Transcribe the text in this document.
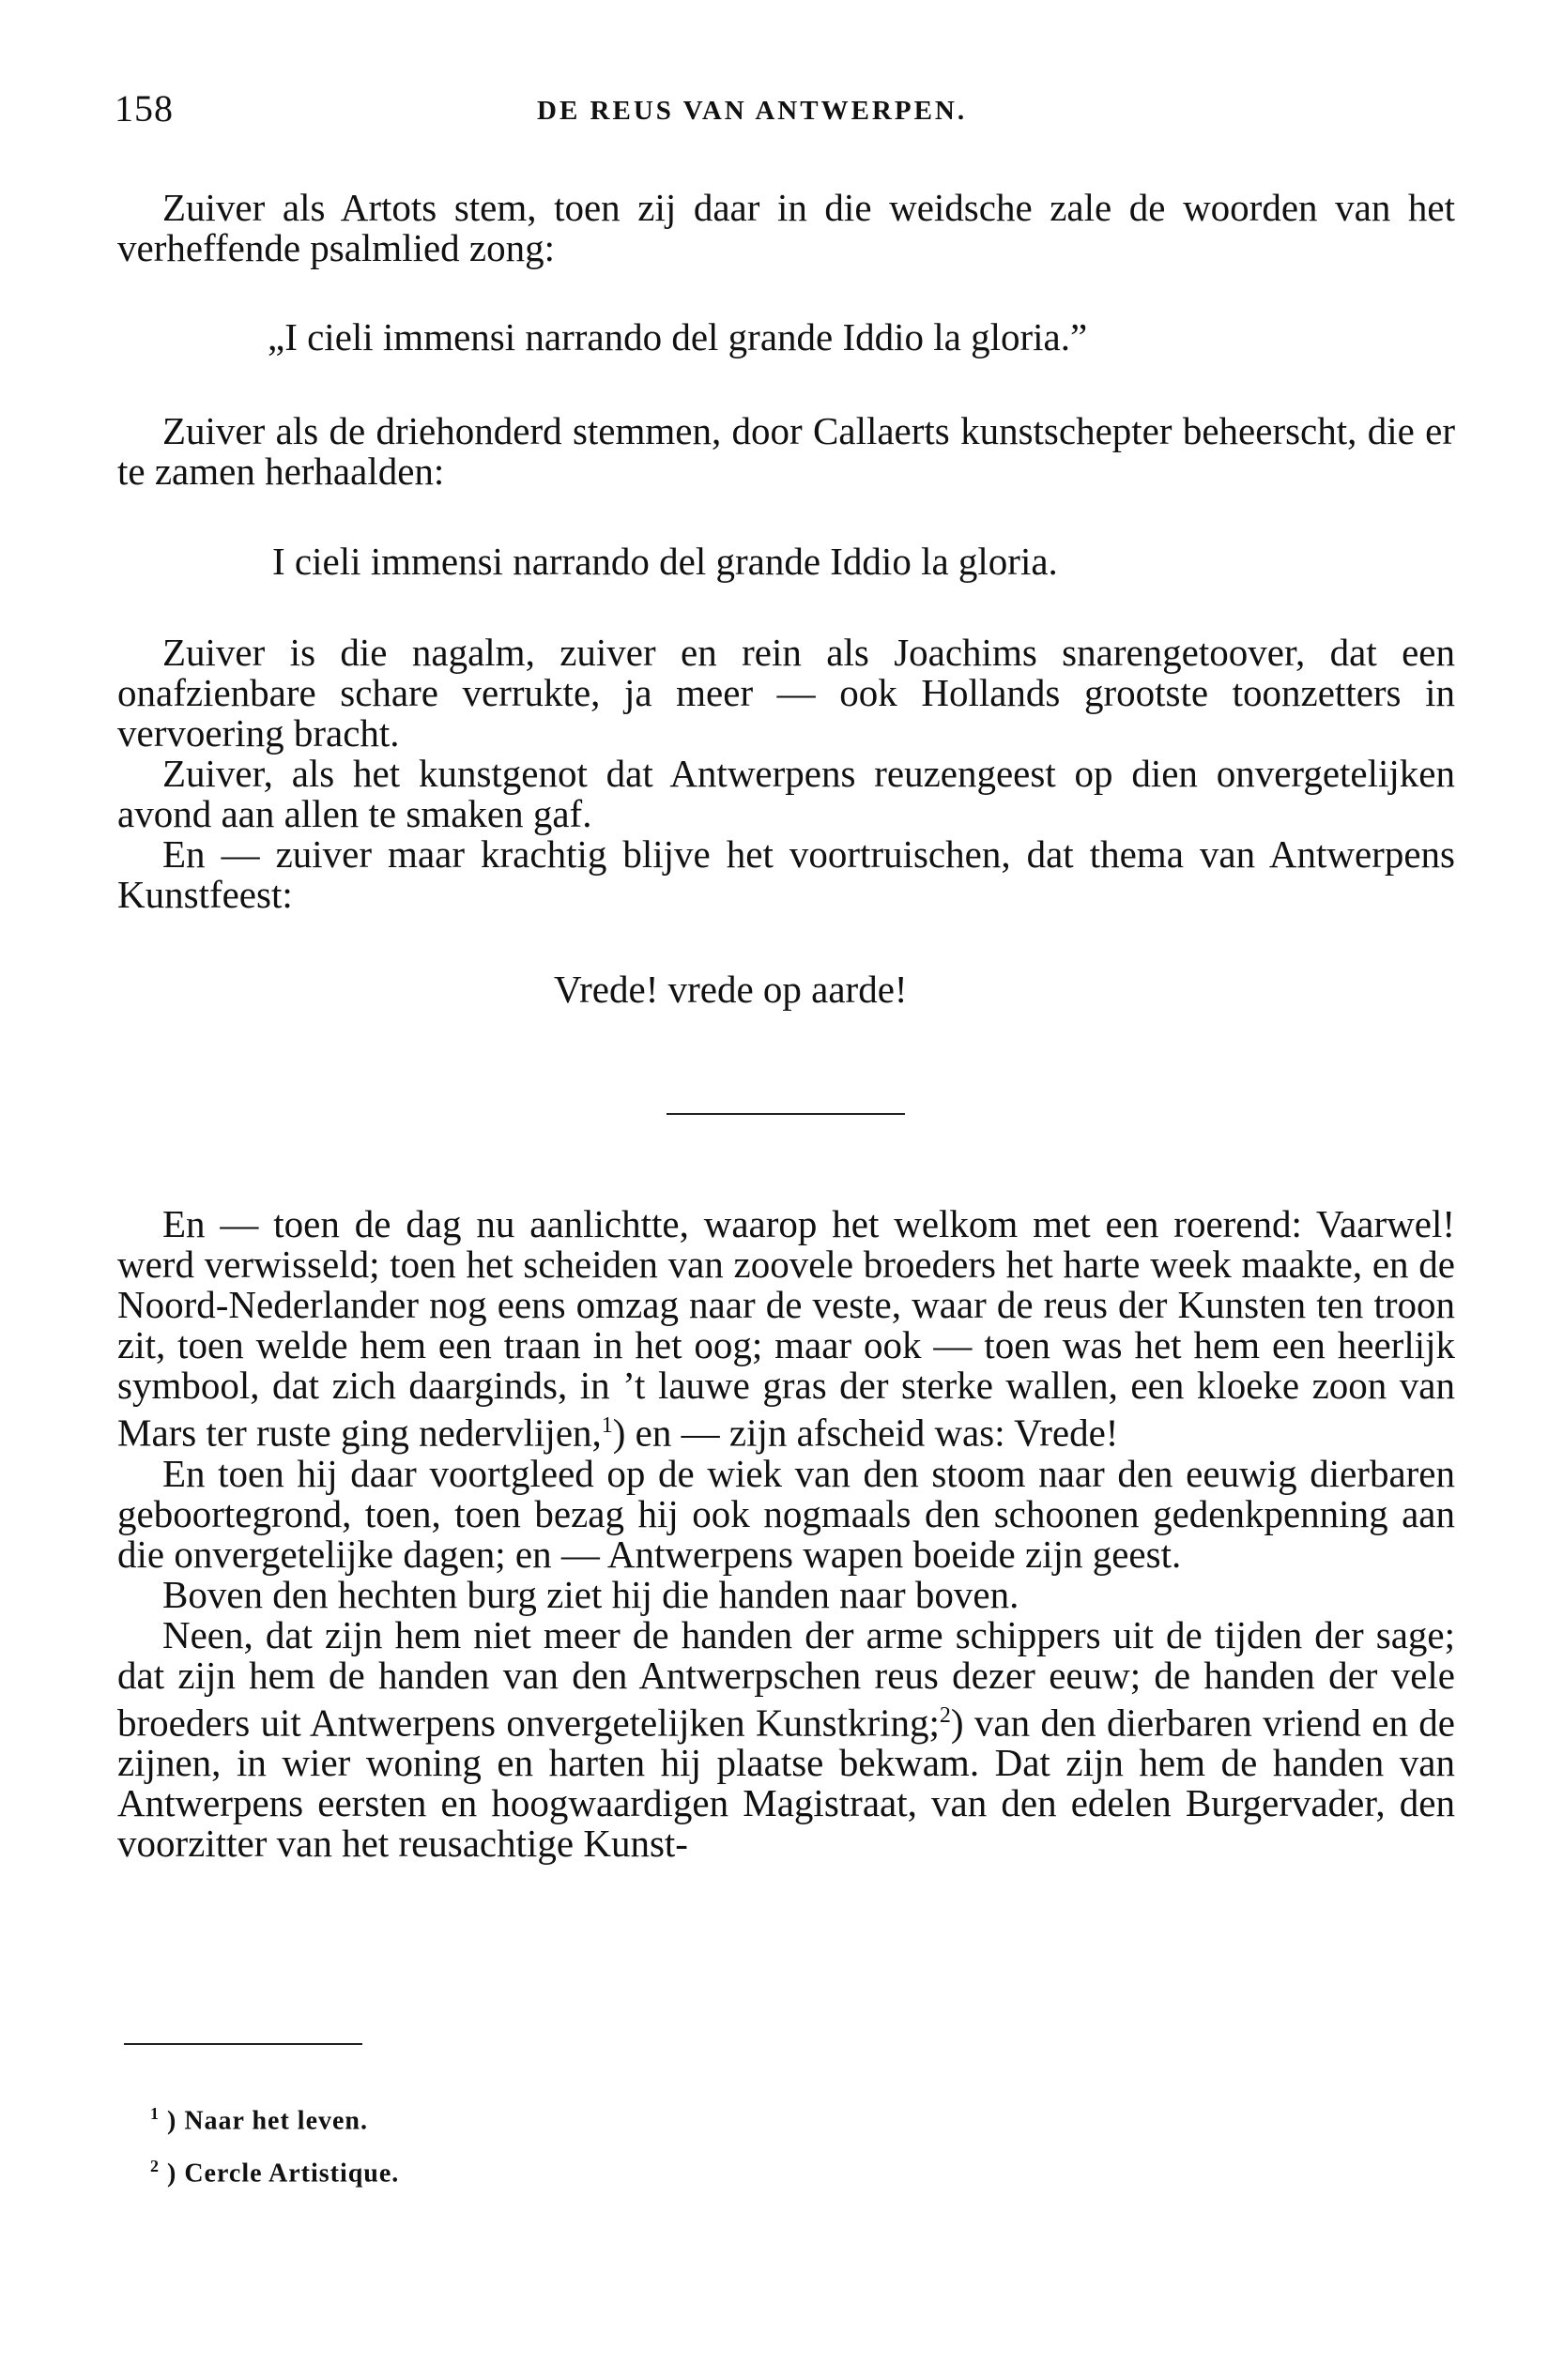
158	DE REUS VAN ANTWERPEN.

Zuiver als Artots stem, toen zij daar in die weidsche zale de woorden van het verheffende psalmlied zong:

„I cieli immensi narrando del grande Iddio la gloria.”

Zuiver als de driehonderd stemmen, door Callaerts kunstschepter beheerscht, die er te zamen herhaalden:

I cieli immensi narrando del grande Iddio la gloria.

Zuiver is die nagalm, zuiver en rein als Joachims snarengetoover, dat een onafzienbare schare verrukte, ja meer — ook Hollands grootste toonzetters in vervoering bracht.

Zuiver, als het kunstgenot dat Antwerpens reuzengeest op dien onvergetelijken avond aan allen te smaken gaf.

En — zuiver maar krachtig blijve het voortruischen, dat thema van Antwerpens Kunstfeest:

Vrede! vrede op aarde!

En — toen de dag nu aanlichtte, waarop het welkom met een roerend: Vaarwel! werd verwisseld; toen het scheiden van zoovele broeders het harte week maakte, en de Noord-Nederlander nog eens omzag naar de veste, waar de reus der Kunsten ten troon zit, toen welde hem een traan in het oog; maar ook — toen was het hem een heerlijk symbool, dat zich daarginds, in ’t lauwe gras der sterke wallen, een kloeke zoon van Mars ter ruste ging nedervlijen,$^1$) en — zijn afscheid was: Vrede!

En toen hij daar voortgleed op de wiek van den stoom naar den eeuwig dierbaren geboortegrond, toen, toen bezag hij ook nogmaals den schoonen gedenkpenning aan die onvergetelijke dagen; en — Antwerpens wapen boeide zijn geest.

Boven den hechten burg ziet hij die handen naar boven.

Neen, dat zijn hem niet meer de handen der arme schippers uit de tijden der sage; dat zijn hem de handen van den Antwerpschen reus dezer eeuw; de handen der vele broeders uit Antwerpens onvergetelijken Kunstkring;$^2$) van den dierbaren vriend en de zijnen, in wier woning en harten hij plaatse bekwam. Dat zijn hem de handen van Antwerpens eersten en hoogwaardigen Magistraat, van den edelen Burgervader, den voorzitter van het reusachtige Kunst-

$^1$ ) Naar het leven.
$^2$ ) Cercle Artistique.
